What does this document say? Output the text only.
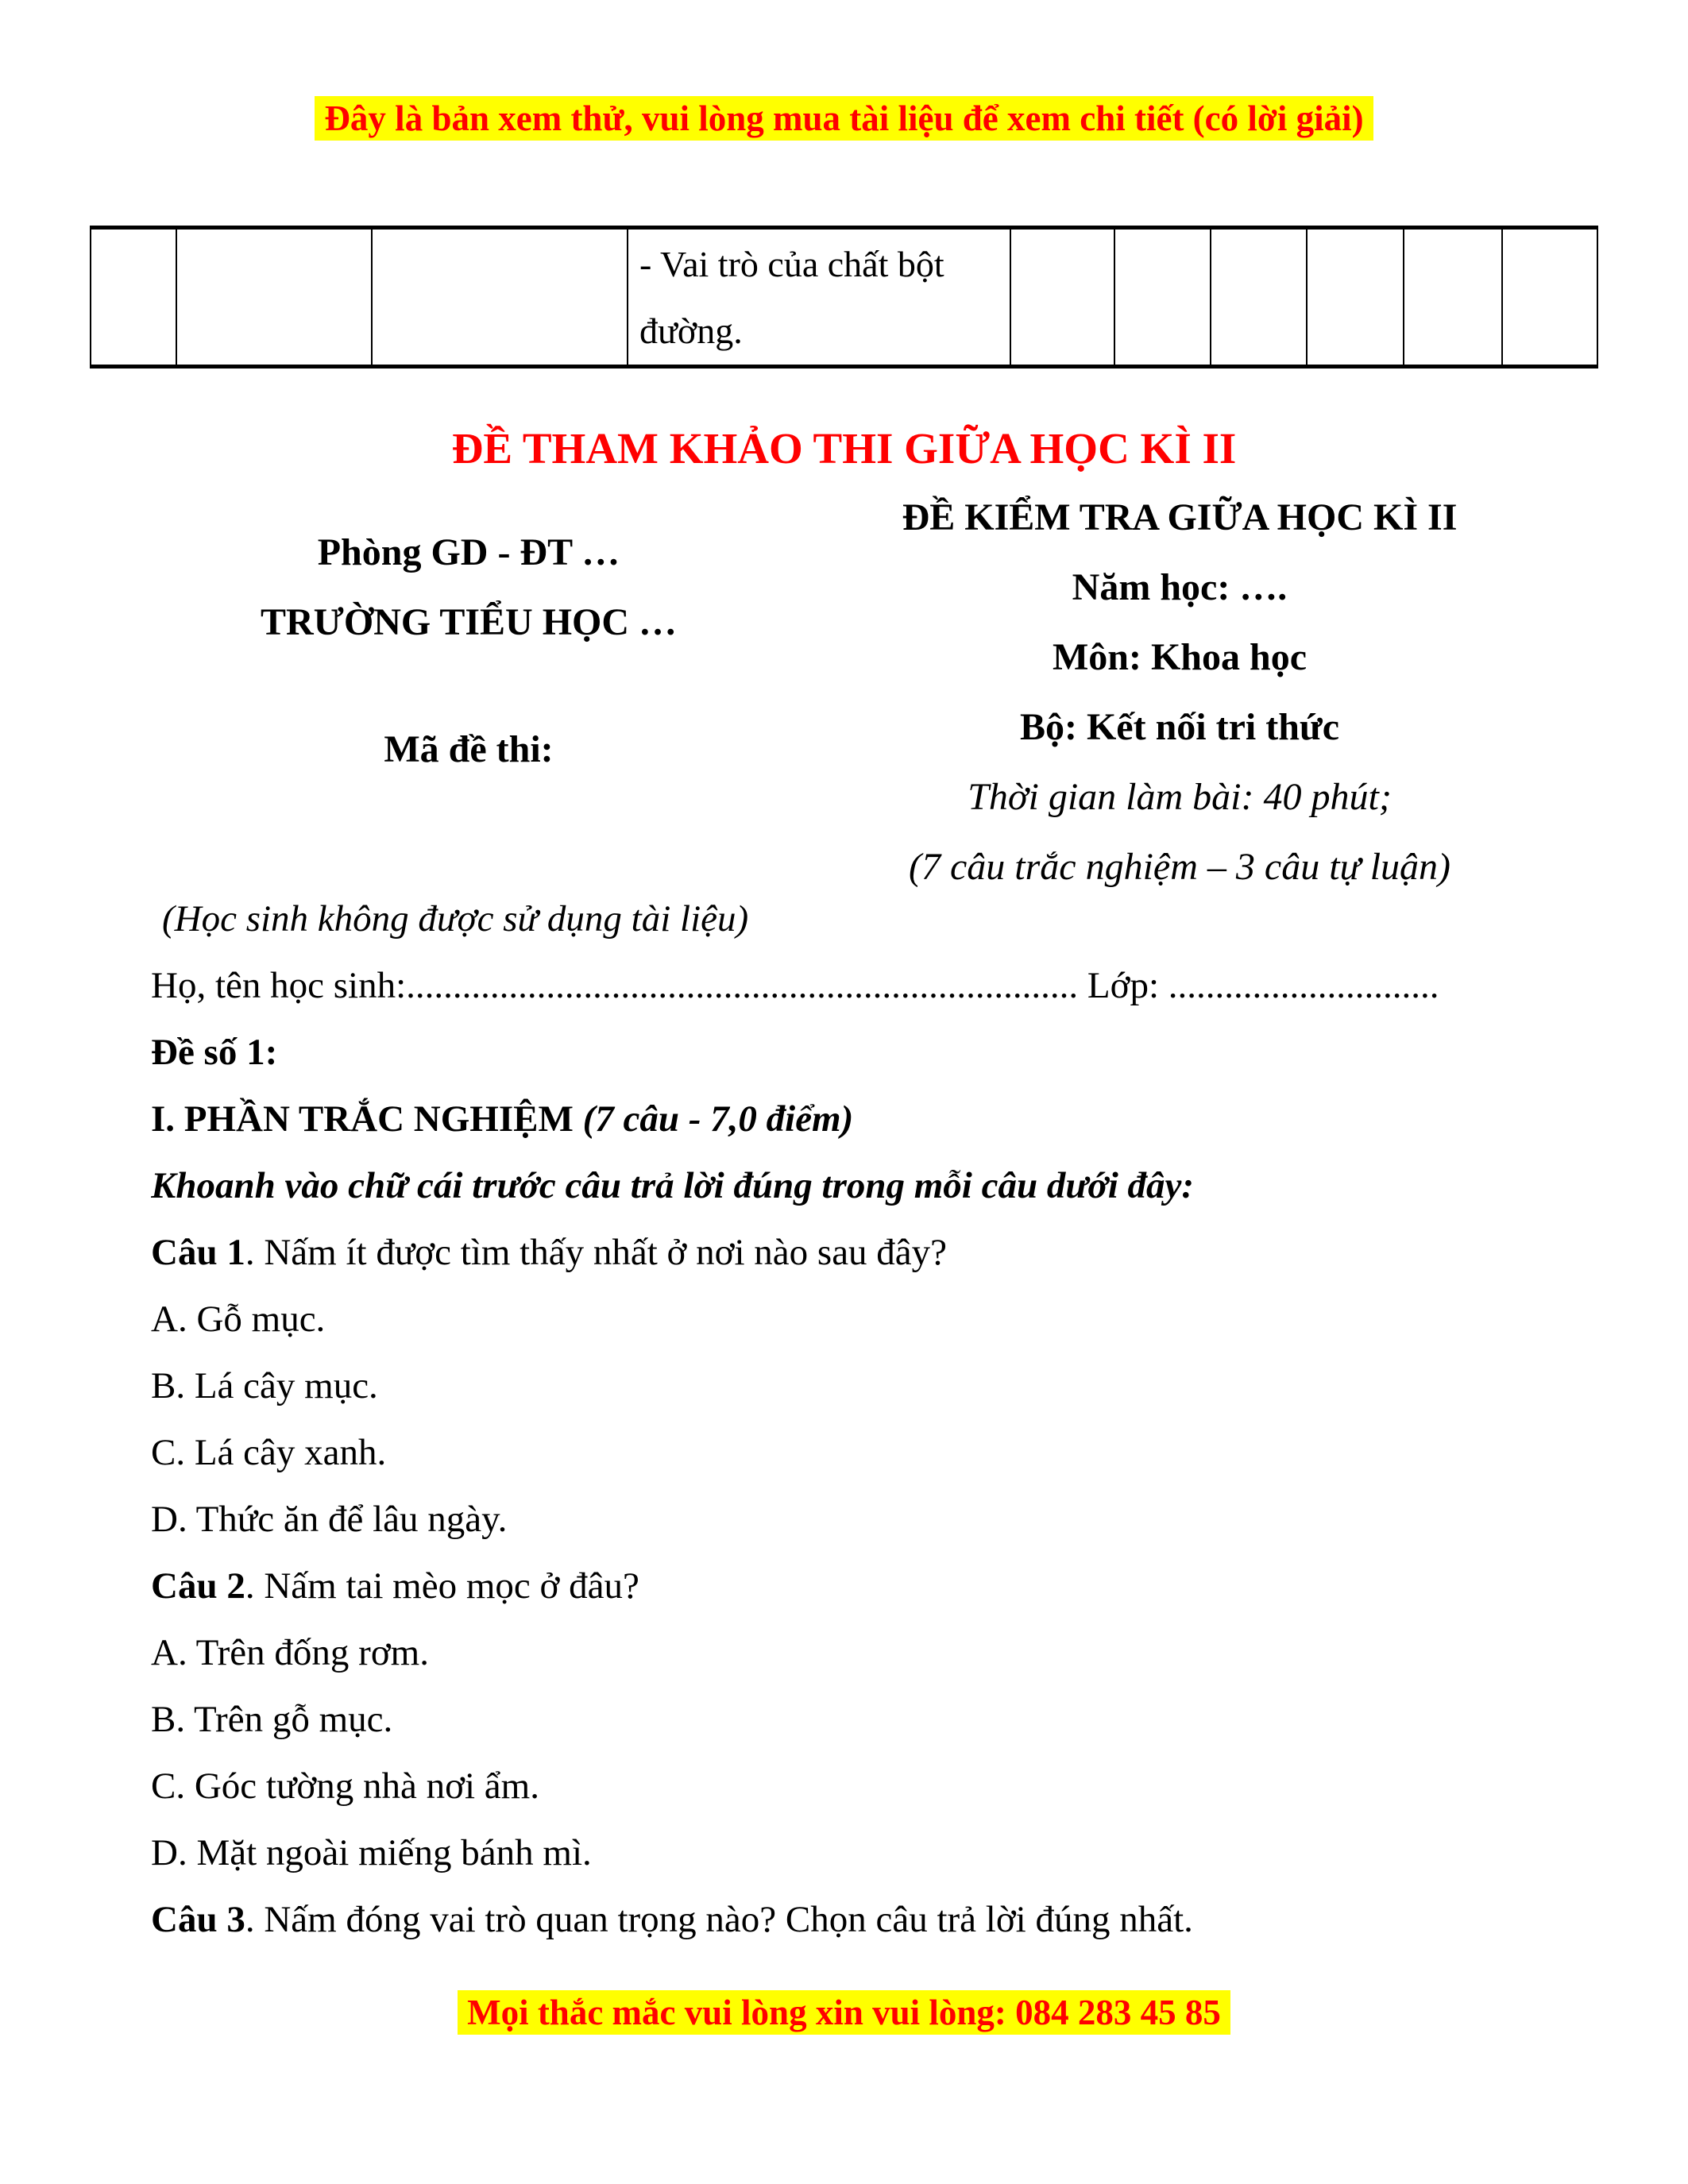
Đây là bản xem thử, vui lòng mua tài liệu để xem chi tiết (có lời giải)

- Vai trò của chất bột đường.

ĐỀ THAM KHẢO THI GIỮA HỌC KÌ II
Phòng GD - ĐT …
TRƯỜNG TIỂU HỌC …
Mã đề thi:
ĐỀ KIỂM TRA GIỮA HỌC KÌ II
Năm học: ….
Môn: Khoa học
Bộ: Kết nối tri thức
Thời gian làm bài: 40 phút;
(7 câu trắc nghiệm – 3 câu tự luận)
(Học sinh không được sử dụng tài liệu)
Họ, tên học sinh:........................................................................ Lớp: .............................
Đề số 1:
I. PHẦN TRẮC NGHIỆM (7 câu - 7,0 điểm)
Khoanh vào chữ cái trước câu trả lời đúng trong mỗi câu dưới đây:
Câu 1. Nấm ít được tìm thấy nhất ở nơi nào sau đây?
A. Gỗ mục.
B. Lá cây mục.
C. Lá cây xanh.
D. Thức ăn để lâu ngày.
Câu 2. Nấm tai mèo mọc ở đâu?
A. Trên đống rơm.
B. Trên gỗ mục.
C. Góc tường nhà nơi ẩm.
D. Mặt ngoài miếng bánh mì.
Câu 3. Nấm đóng vai trò quan trọng nào? Chọn câu trả lời đúng nhất.
Mọi thắc mắc vui lòng xin vui lòng: 084 283 45 85
